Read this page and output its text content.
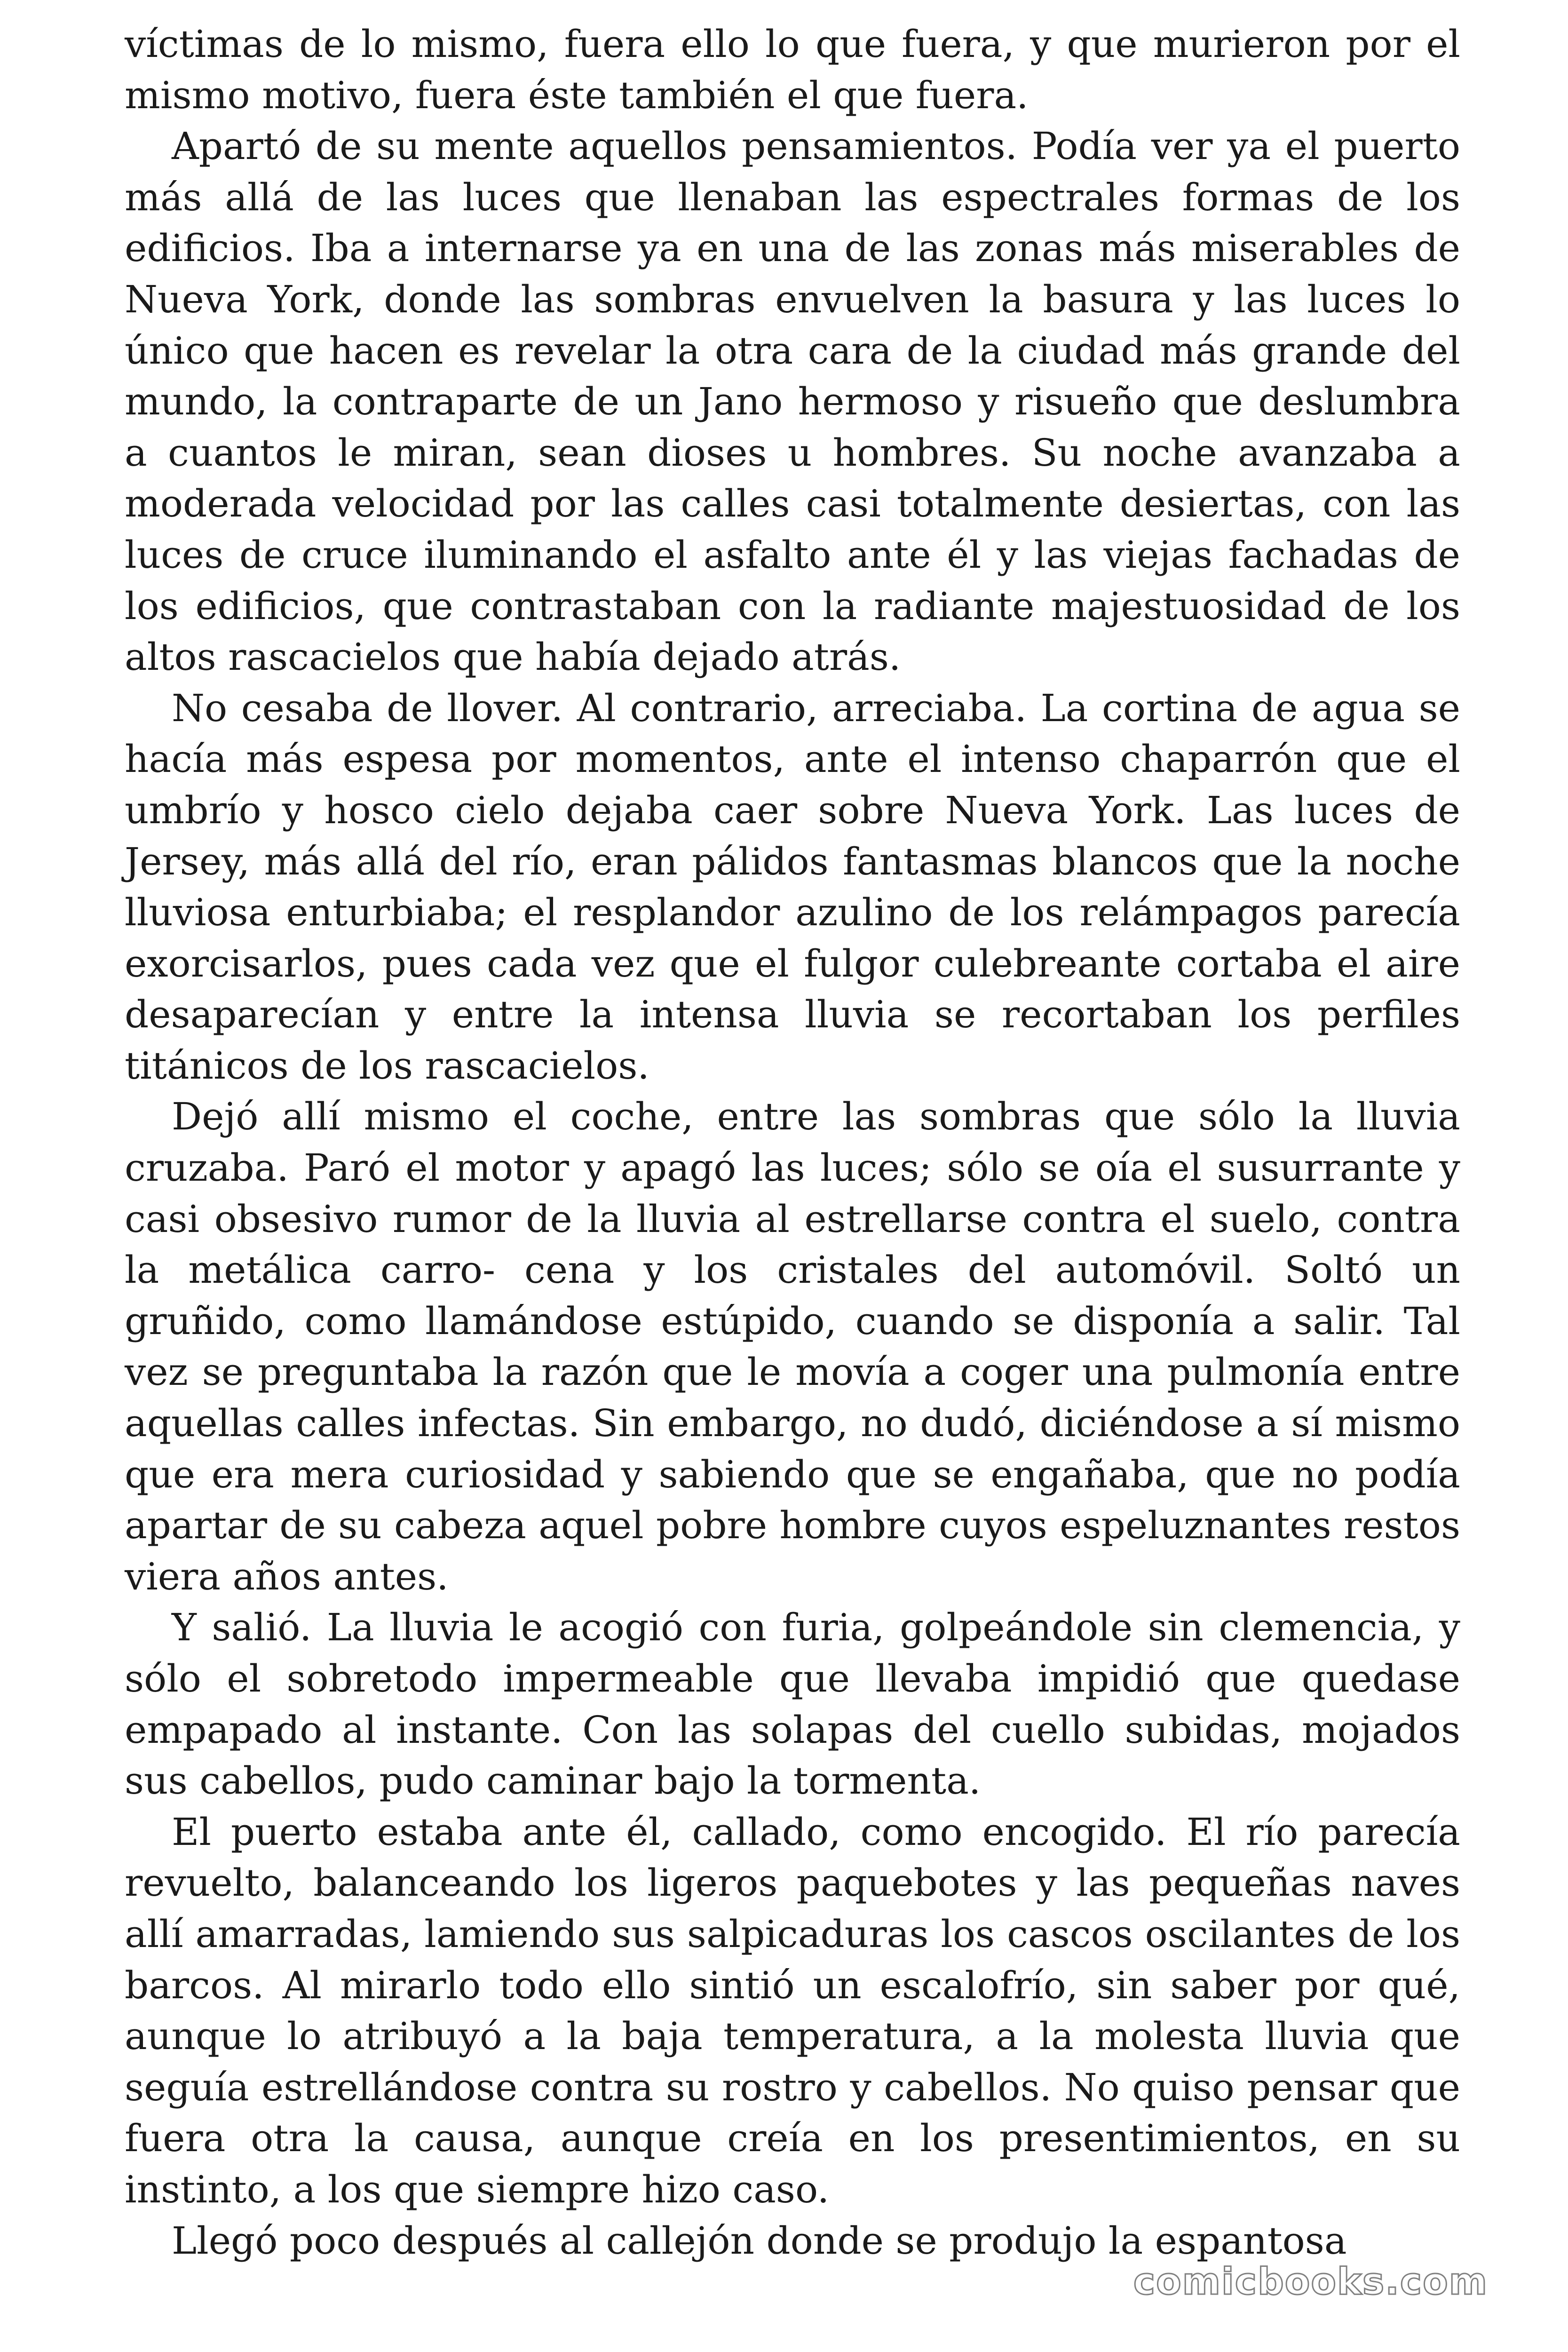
víctimas de lo mismo, fuera ello lo que fuera, y que murieron por el mismo motivo, fuera éste también el que fuera.

Apartó de su mente aquellos pensamientos. Podía ver ya el puerto más allá de las luces que llenaban las espectrales formas de los edificios. Iba a internarse ya en una de las zonas más miserables de Nueva York, donde las sombras envuelven la basura y las luces lo único que hacen es revelar la otra cara de la ciudad más grande del mundo, la contraparte de un Jano hermoso y risueño que deslumbra a cuantos le miran, sean dioses u hombres. Su noche avanzaba a moderada velocidad por las calles casi totalmente desiertas, con las luces de cruce iluminando el asfalto ante él y las viejas fachadas de los edificios, que contrastaban con la radiante majestuosidad de los altos rascacielos que había dejado atrás.

No cesaba de llover. Al contrario, arreciaba. La cortina de agua se hacía más espesa por momentos, ante el intenso chaparrón que el umbrío y hosco cielo dejaba caer sobre Nueva York. Las luces de Jersey, más allá del río, eran pálidos fantasmas blancos que la noche lluviosa enturbiaba; el resplandor azulino de los relámpagos parecía exorcisarlos, pues cada vez que el fulgor culebreante cortaba el aire desaparecían y entre la intensa lluvia se recortaban los perfiles titánicos de los rascacielos.

Dejó allí mismo el coche, entre las sombras que sólo la lluvia cruzaba. Paró el motor y apagó las luces; sólo se oía el susurrante y casi obsesivo rumor de la lluvia al estrellarse contra el suelo, contra la metálica carro- cena y los cristales del automóvil. Soltó un gruñido, como llamándose estúpido, cuando se disponía a salir. Tal vez se preguntaba la razón que le movía a coger una pulmonía entre aquellas calles infectas. Sin embargo, no dudó, diciéndose a sí mismo que era mera curiosidad y sabiendo que se engañaba, que no podía apartar de su cabeza aquel pobre hombre cuyos espeluznantes restos viera años antes.

Y salió. La lluvia le acogió con furia, golpeándole sin clemencia, y sólo el sobretodo impermeable que llevaba impidió que quedase empapado al instante. Con las solapas del cuello subidas, mojados sus cabellos, pudo caminar bajo la tormenta.

El puerto estaba ante él, callado, como encogido. El río parecía revuelto, balanceando los ligeros paquebotes y las pequeñas naves allí amarradas, lamiendo sus salpicaduras los cascos oscilantes de los barcos. Al mirarlo todo ello sintió un escalofrío, sin saber por qué, aunque lo atribuyó a la baja temperatura, a la molesta lluvia que seguía estrellándose contra su rostro y cabellos. No quiso pensar que fuera otra la causa, aunque creía en los presentimientos, en su instinto, a los que siempre hizo caso.

Llegó poco después al callejón donde se produjo la espantosa

comicbooks.com
